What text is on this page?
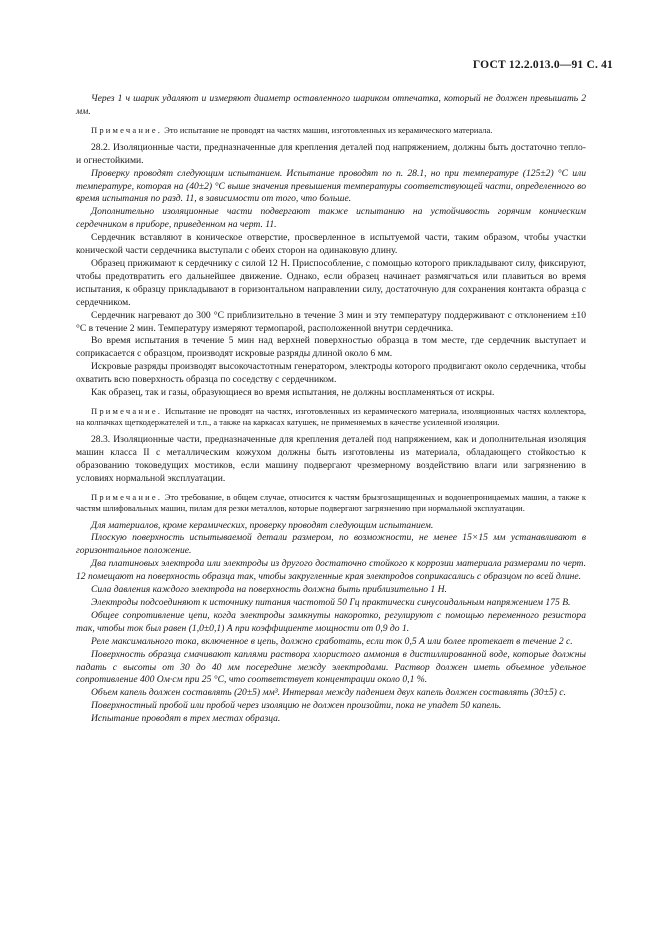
ГОСТ 12.2.013.0—91 С. 41

Через 1 ч шарик удаляют и измеряют диаметр оставленного шариком отпечатка, который не должен превышать 2 мм.

Примечание. Это испытание не проводят на частях машин, изготовленных из керамического материала.

28.2. Изоляционные части, предназначенные для крепления деталей под напряжением, должны быть достаточно тепло- и огнестойкими.

Проверку проводят следующим испытанием. Испытание проводят по п. 28.1, но при температуре (125±2) °С или температуре, которая на (40±2) °С выше значения превышения температуры соответствующей части, определенного во время испытания по разд. 11, в зависимости от того, что больше.

Дополнительно изоляционные части подвергают также испытанию на устойчивость горячим коническим сердечником в приборе, приведенном на черт. 11.

Сердечник вставляют в коническое отверстие, просверленное в испытуемой части, таким образом, чтобы участки конической части сердечника выступали с обеих сторон на одинаковую длину.

Образец прижимают к сердечнику с силой 12 Н. Приспособление, с помощью которого прикладывают силу, фиксируют, чтобы предотвратить его дальнейшее движение. Однако, если образец начинает размягчаться или плавиться во время испытания, к образцу прикладывают в горизонтальном направлении силу, достаточную для сохранения контакта образца с сердечником.

Сердечник нагревают до 300 °С приблизительно в течение 3 мин и эту температуру поддерживают с отклонением ±10 °С в течение 2 мин. Температуру измеряют термопарой, расположенной внутри сердечника.

Во время испытания в течение 5 мин над верхней поверхностью образца в том месте, где сердечник выступает и соприкасается с образцом, производят искровые разряды длиной около 6 мм.

Искровые разряды производят высокочастотным генератором, электроды которого продвигают около сердечника, чтобы охватить всю поверхность образца по соседству с сердечником.

Как образец, так и газы, образующиеся во время испытания, не должны воспламеняться от искры.

Примечание. Испытание не проводят на частях, изготовленных из керамического материала, изоляционных частях коллектора, на колпачках щеткодержателей и т.п., а также на каркасах катушек, не применяемых в качестве усиленной изоляции.

28.3. Изоляционные части, предназначенные для крепления деталей под напряжением, как и дополнительная изоляция машин класса II с металлическим кожухом должны быть изготовлены из материала, обладающего стойкостью к образованию токоведущих мостиков, если машину подвергают чрезмерному воздействию влаги или загрязнению в условиях нормальной эксплуатации.

Примечание. Это требование, в общем случае, относится к частям брызгозащищенных и водонепроницаемых машин, а также к частям шлифовальных машин, пилам для резки металлов, которые подвергают загрязнению при нормальной эксплуатации.

Для материалов, кроме керамических, проверку проводят следующим испытанием.

Плоскую поверхность испытываемой детали размером, по возможности, не менее 15×15 мм устанавливают в горизонтальное положение.

Два платиновых электрода или электроды из другого достаточно стойкого к коррозии материала размерами по черт. 12 помещают на поверхность образца так, чтобы закругленные края электродов соприкасались с образцом по всей длине.

Сила давления каждого электрода на поверхность должна быть приблизительно 1 Н.

Электроды подсоединяют к источнику питания частотой 50 Гц практически синусоидальным напряжением 175 В.

Общее сопротивление цепи, когда электроды замкнуты накоротко, регулируют с помощью переменного резистора так, чтобы ток был равен (1,0±0,1) А при коэффициенте мощности от 0,9 до 1.

Реле максимального тока, включенное в цепь, должно сработать, если ток 0,5 А или более протекает в течение 2 с.

Поверхность образца смачивают каплями раствора хлористого аммония в дистиллированной воде, которые должны падать с высоты от 30 до 40 мм посередине между электродами. Раствор должен иметь объемное удельное сопротивление 400 Ом·см при 25 °С, что соответствует концентрации около 0,1 %.

Объем капель должен составлять (20±5) мм³. Интервал между падением двух капель должен составлять (30±5) с.

Поверхностный пробой или пробой через изоляцию не должен произойти, пока не упадет 50 капель.

Испытание проводят в трех местах образца.
